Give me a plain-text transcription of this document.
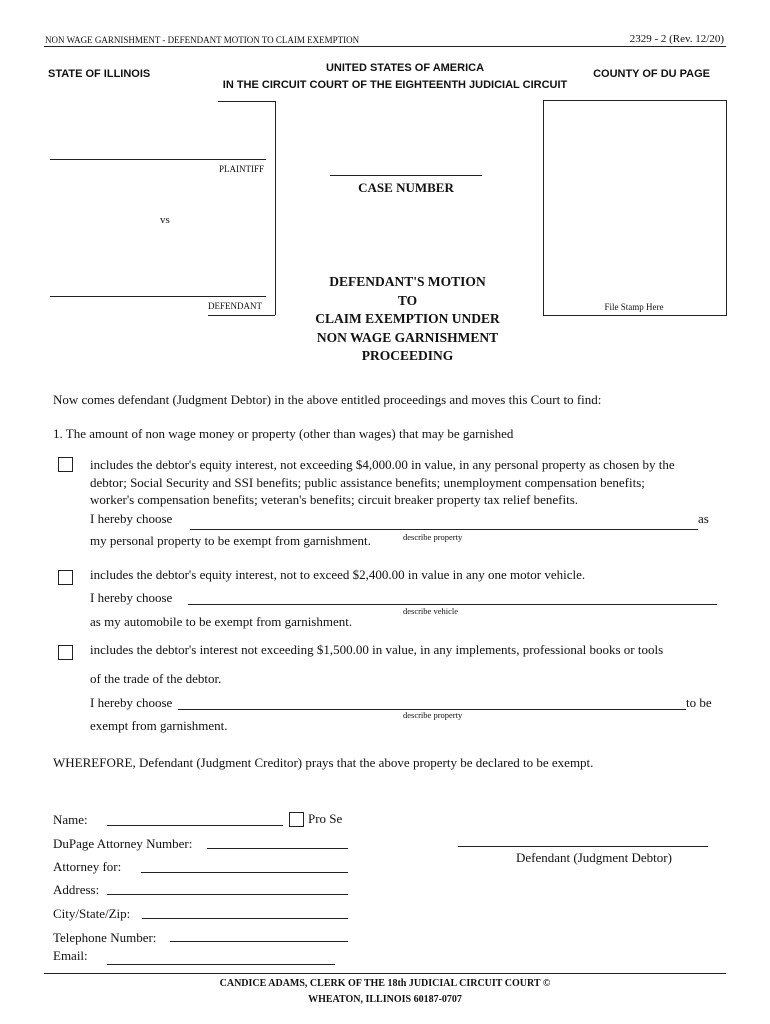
NON WAGE GARNISHMENT - DEFENDANT MOTION TO CLAIM EXEMPTION	2329 - 2 (Rev. 12/20)
STATE OF ILLINOIS	UNITED STATES OF AMERICA	COUNTY OF DU PAGE
IN THE CIRCUIT COURT OF THE EIGHTEENTH JUDICIAL CIRCUIT
PLAINTIFF
vs
DEFENDANT
CASE NUMBER
File Stamp Here
DEFENDANT'S MOTION
TO
CLAIM EXEMPTION UNDER
NON WAGE GARNISHMENT
PROCEEDING
Now comes defendant (Judgment Debtor) in the above entitled proceedings and moves this Court to find:
1. The amount of non wage money or property (other than wages) that may be garnished
includes the debtor's equity interest, not exceeding $4,000.00 in value, in any personal property as chosen by the
debtor; Social Security and SSI benefits; public assistance benefits; unemployment compensation benefits;
worker's compensation benefits; veteran's benefits; circuit breaker property tax relief benefits.
I hereby choose	as
describe property
my personal property to be exempt from garnishment.
includes the debtor's equity interest, not to exceed $2,400.00 in value in any one motor vehicle.
I hereby choose
describe vehicle
as my automobile to be exempt from garnishment.
includes the debtor's interest not exceeding $1,500.00 in value, in any implements, professional books or tools
of the trade of the debtor.
I hereby choose	to be
describe property
exempt from garnishment.
WHEREFORE, Defendant (Judgment Creditor) prays that the above property be declared to be exempt.
Name:	Pro Se
DuPage Attorney Number:
Attorney for:
Address:
City/State/Zip:
Telephone Number:
Email:
Defendant (Judgment Debtor)
CANDICE ADAMS, CLERK OF THE 18th JUDICIAL CIRCUIT COURT ©
WHEATON, ILLINOIS 60187-0707
